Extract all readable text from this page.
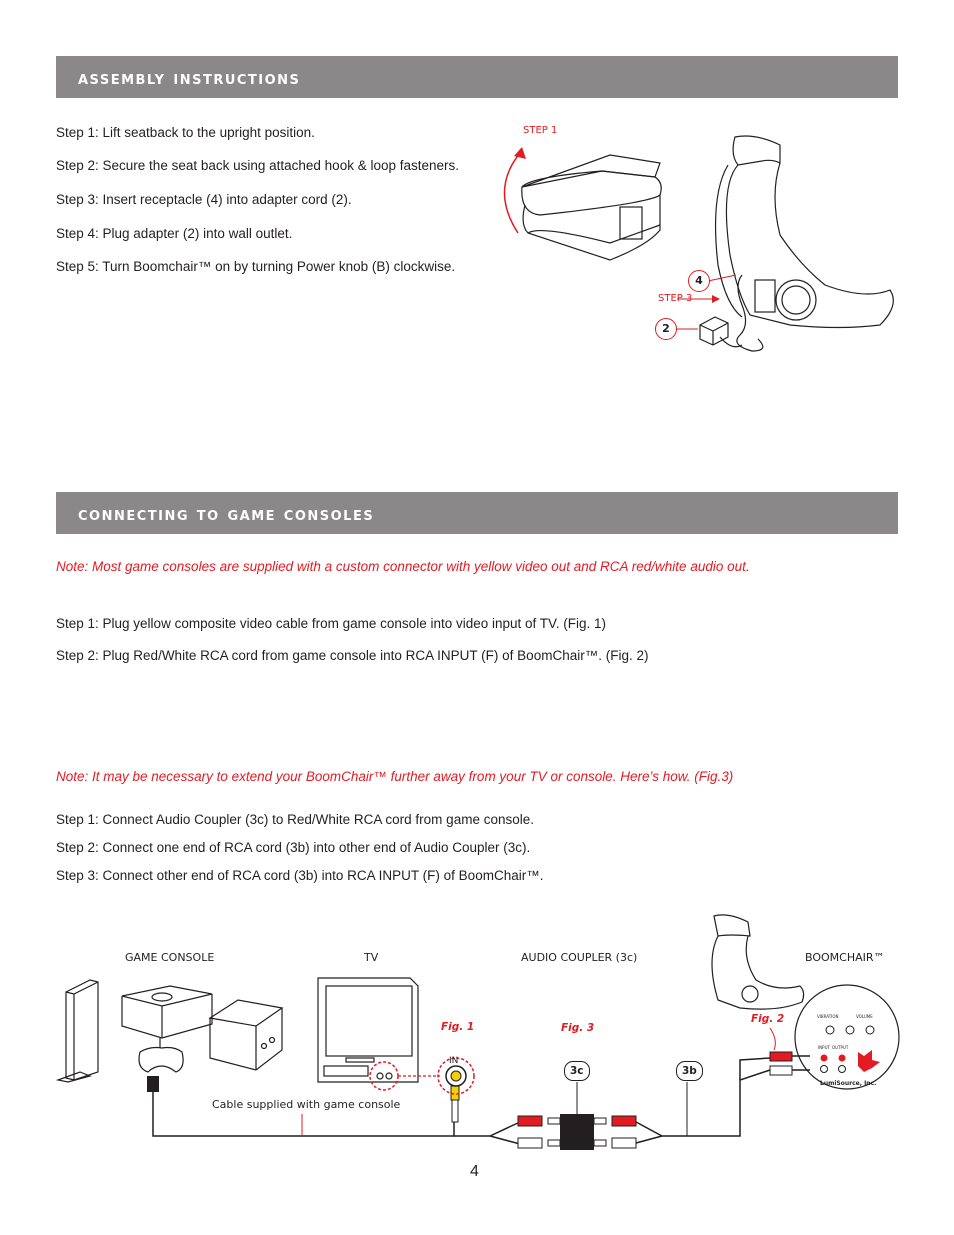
assembly instructions
Step 1: Lift seatback to the upright position.
Step 2: Secure the seat back using attached hook & loop fasteners.
Step 3: Insert receptacle (4) into adapter cord (2).
Step 4: Plug adapter (2) into wall outlet.
Step 5: Turn Boomchair™ on by turning Power knob (B) clockwise.
STEP 1
4
STEP 3
2
connecting to game consoles
Note: Most game consoles are supplied with a custom connector with yellow video out and RCA red/white audio out.
Step 1: Plug yellow composite video cable from game console into video input of TV. (Fig. 1)
Step 2: Plug Red/White RCA cord from game console into RCA INPUT (F) of BoomChair™. (Fig. 2)
Note: It may be necessary to extend your BoomChair™ further away from your TV or console. Here’s how. (Fig.3)
Step 1: Connect Audio Coupler (3c) to Red/White RCA cord from game console.
Step 2: Connect one end of RCA cord (3b) into other end of Audio Coupler (3c).
Step 3: Connect other end of RCA cord (3b) into RCA INPUT (F) of BoomChair™.
GAME CONSOLE	TV	AUDIO COUPLER (3c)	BOOMCHAIR™
VIBRATION	VOLUME
INPUT OUTPUT
LumiSource, Inc.
Fig. 1	Fig. 3
Fig. 2
IN
3c	3b
Cable supplied with game console
4
